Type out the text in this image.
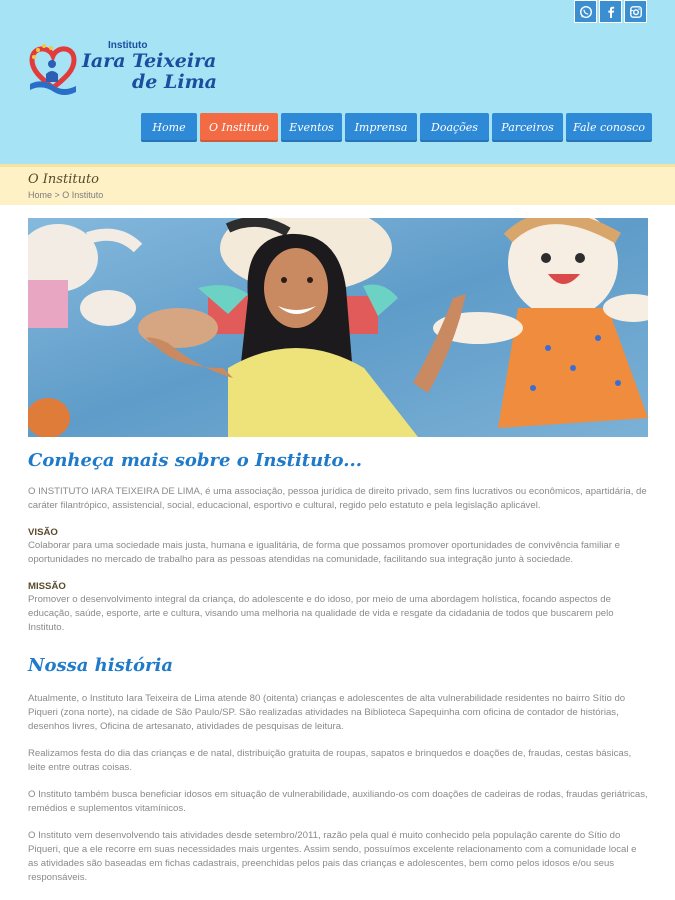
Instituto
Iara Teixeira
de Lima
Home	O Instituto	Eventos	Imprensa	Doações	Parceiros	Fale conosco
O Instituto
Home > O Instituto
Conheça mais sobre o Instituto...

O INSTITUTO IARA TEIXEIRA DE LIMA, é uma associação, pessoa jurídica de direito privado, sem fins lucrativos ou econômicos, apartidária, de caráter filantrópico, assistencial, social, educacional, esportivo e cultural, regido pelo estatuto e pela legislação aplicável.

VISÃO

Colaborar para uma sociedade mais justa, humana e igualitária, de forma que possamos promover oportunidades de convivência familiar e oportunidades no mercado de trabalho para as pessoas atendidas na comunidade, facilitando sua integração junto à sociedade.

MISSÃO

Promover o desenvolvimento integral da criança, do adolescente e do idoso, por meio de uma abordagem holística, focando aspectos de educação, saúde, esporte, arte e cultura, visando uma melhoria na qualidade de vida e resgate da cidadania de todos que buscarem pelo Instituto.

Nossa história

Atualmente, o Instituto Iara Teixeira de Lima atende 80 (oitenta) crianças e adolescentes de alta vulnerabilidade residentes no bairro Sítio do Piqueri (zona norte), na cidade de São Paulo/SP. São realizadas atividades na Biblioteca Sapequinha com oficina de contador de histórias, desenhos livres, Oficina de artesanato, atividades de pesquisas de leitura.

Realizamos festa do dia das crianças e de natal, distribuição gratuita de roupas, sapatos e brinquedos e doações de, fraudas, cestas básicas, leite entre outras coisas.

O Instituto também busca beneficiar idosos em situação de vulnerabilidade, auxiliando-os com doações de cadeiras de rodas, fraudas geriátricas, remédios e suplementos vitamínicos.

O Instituto vem desenvolvendo tais atividades desde setembro/2011, razão pela qual é muito conhecido pela população carente do Sítio do Piqueri, que a ele recorre em suas necessidades mais urgentes. Assim sendo, possuímos excelente relacionamento com a comunidade local e as atividades são baseadas em fichas cadastrais, preenchidas pelos pais das crianças e adolescentes, bem como pelos idosos e/ou seus responsáveis.
